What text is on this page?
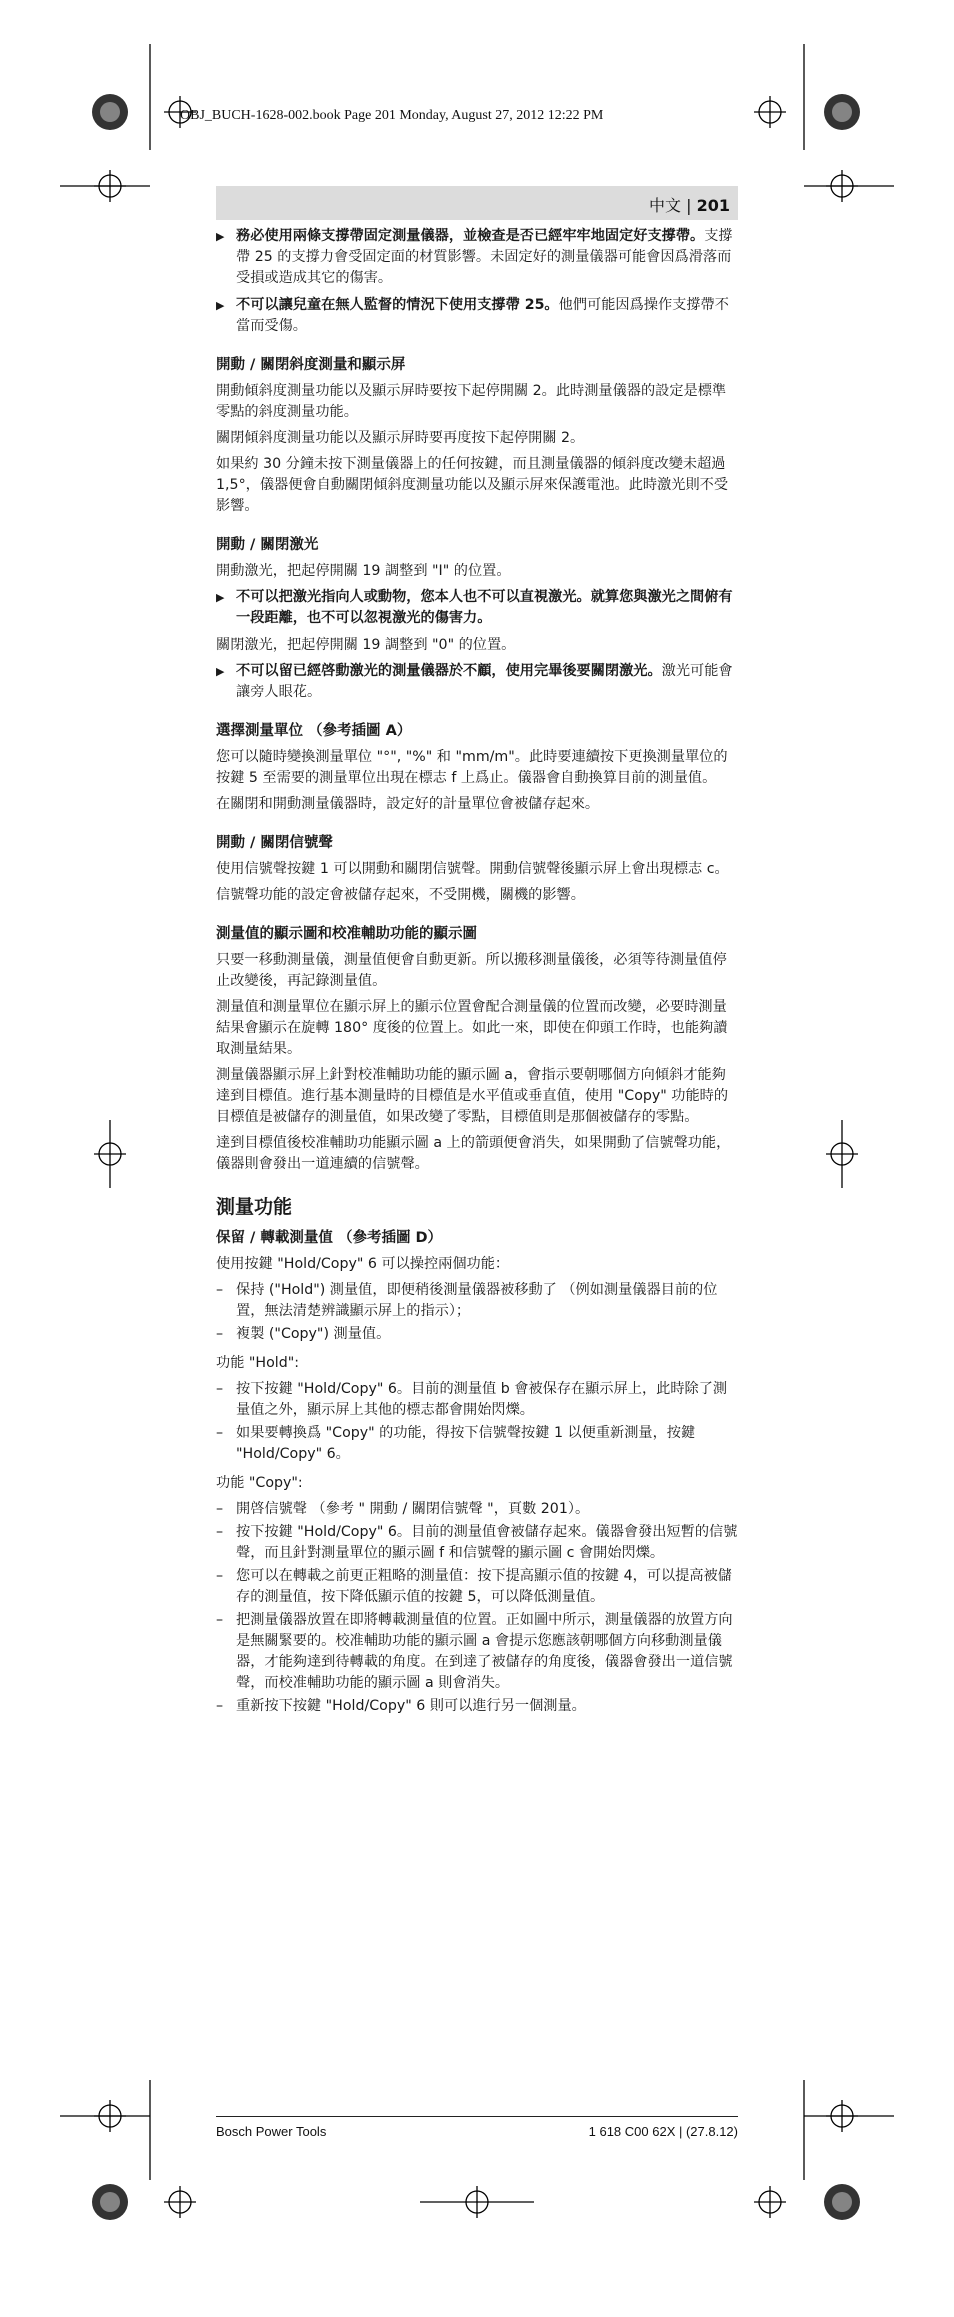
OBJ_BUCH-1628-002.book Page 201 Monday, August 27, 2012 12:22 PM
中文 | 201
▶ 務必使用兩條支撐帶固定測量儀器，並檢查是否已經牢牢地固定好支撐帶。支撐帶 25 的支撐力會受固定面的材質影響。未固定好的測量儀器可能會因爲滑落而受損或造成其它的傷害。
▶ 不可以讓兒童在無人監督的情況下使用支撐帶 25。他們可能因爲操作支撐帶不當而受傷。
開動 / 關閉斜度測量和顯示屏

開動傾斜度測量功能以及顯示屏時要按下起停開關 2。此時測量儀器的設定是標準零點的斜度測量功能。

關閉傾斜度測量功能以及顯示屏時要再度按下起停開關 2。

如果約 30 分鐘未按下測量儀器上的任何按鍵，而且測量儀器的傾斜度改變未超過 1,5°，儀器便會自動關閉傾斜度測量功能以及顯示屏來保護電池。此時激光則不受影響。

開動 / 關閉激光

開動激光，把起停開關 19 調整到 "I" 的位置。

▶ 不可以把激光指向人或動物，您本人也不可以直視激光。就算您與激光之間俯有一段距離，也不可以忽視激光的傷害力。

關閉激光，把起停開關 19 調整到 "0" 的位置。

▶ 不可以留已經啓動激光的測量儀器於不顧，使用完畢後要關閉激光。激光可能會讓旁人眼花。
選擇測量單位 （參考插圖 A）

您可以隨時變換測量單位 "°", "%" 和 "mm/m"。此時要連續按下更換測量單位的按鍵 5 至需要的測量單位出現在標志 f 上爲止。儀器會自動換算目前的測量值。

在關閉和開動測量儀器時，設定好的計量單位會被儲存起來。

開動 / 關閉信號聲

使用信號聲按鍵 1 可以開動和關閉信號聲。開動信號聲後顯示屏上會出現標志 c。

信號聲功能的設定會被儲存起來，不受開機，關機的影響。

測量值的顯示圖和校准輔助功能的顯示圖

只要一移動測量儀，測量值便會自動更新。所以搬移測量儀後，必須等待測量值停止改變後，再記錄測量值。

測量值和測量單位在顯示屏上的顯示位置會配合測量儀的位置而改變，必要時測量結果會顯示在旋轉 180° 度後的位置上。如此一來，即使在仰頭工作時，也能夠讀取測量結果。

測量儀器顯示屏上針對校准輔助功能的顯示圖 a，會指示要朝哪個方向傾斜才能夠達到目標值。進行基本測量時的目標值是水平值或垂直值，使用 "Copy" 功能時的目標值是被儲存的測量值，如果改變了零點，目標值則是那個被儲存的零點。

達到目標值後校准輔助功能顯示圖 a 上的箭頭便會消失，如果開動了信號聲功能，儀器則會發出一道連續的信號聲。

測量功能
保留 / 轉載測量值 （參考插圖 D）

使用按鍵 "Hold/Copy" 6 可以操控兩個功能：

– 保持 ("Hold") 測量值，即便稍後測量儀器被移動了 （例如測量儀器目前的位置，無法清楚辨識顯示屏上的指示）；
– 複製 ("Copy") 測量值。

功能 "Hold":

– 按下按鍵 "Hold/Copy" 6。目前的測量值 b 會被保存在顯示屏上，此時除了測量值之外，顯示屏上其他的標志都會開始閃爍。
– 如果要轉換爲 "Copy" 的功能，得按下信號聲按鍵 1 以便重新測量，按鍵 "Hold/Copy" 6。

功能 "Copy":

– 開啓信號聲 （參考 " 開動 / 關閉信號聲 "，頁數 201）。
– 按下按鍵 "Hold/Copy" 6。目前的測量值會被儲存起來。儀器會發出短暫的信號聲，而且針對測量單位的顯示圖 f 和信號聲的顯示圖 c 會開始閃爍。
– 您可以在轉載之前更正粗略的測量值：按下提高顯示值的按鍵 4，可以提高被儲存的測量值，按下降低顯示值的按鍵 5，可以降低測量值。
– 把測量儀器放置在即將轉載測量值的位置。正如圖中所示，測量儀器的放置方向是無關緊要的。校准輔助功能的顯示圖 a 會提示您應該朝哪個方向移動測量儀器，才能夠達到待轉載的角度。在到達了被儲存的角度後，儀器會發出一道信號聲，而校准輔助功能的顯示圖 a 則會消失。
– 重新按下按鍵 "Hold/Copy" 6 則可以進行另一個測量。
Bosch Power Tools	1 618 C00 62X | (27.8.12)
